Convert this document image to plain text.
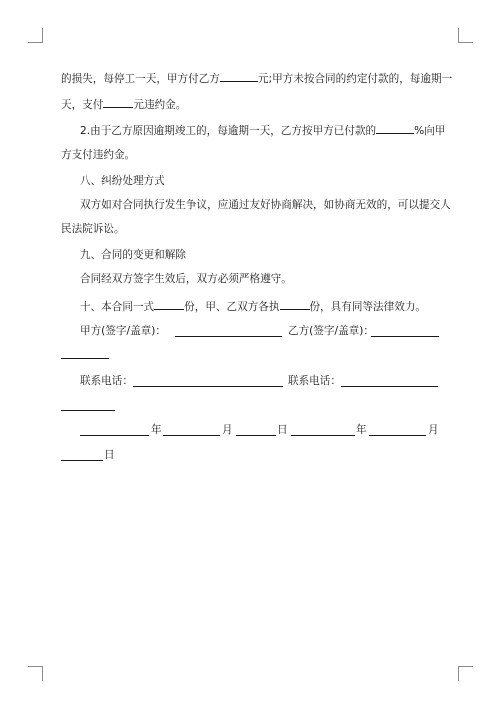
的损失，每停工一天，甲方付乙方	元;甲方未按合同的约定付款的，每逾期一
天，支付	元违约金。
2.由于乙方原因逾期竣工的，每逾期一天，乙方按甲方已付款的	%向甲
方支付违约金。
八、纠纷处理方式
双方如对合同执行发生争议，应通过友好协商解决，如协商无效的，可以提交人
民法院诉讼。
九、合同的变更和解除
合同经双方签字生效后，双方必须严格遵守。
十、本合同一式	份，甲、乙双方各执	份，具有同等法律效力。
甲方(签字/盖章)：	乙方(签字/盖章)：
联系电话：	联系电话：
年	月	日	年	月
日
